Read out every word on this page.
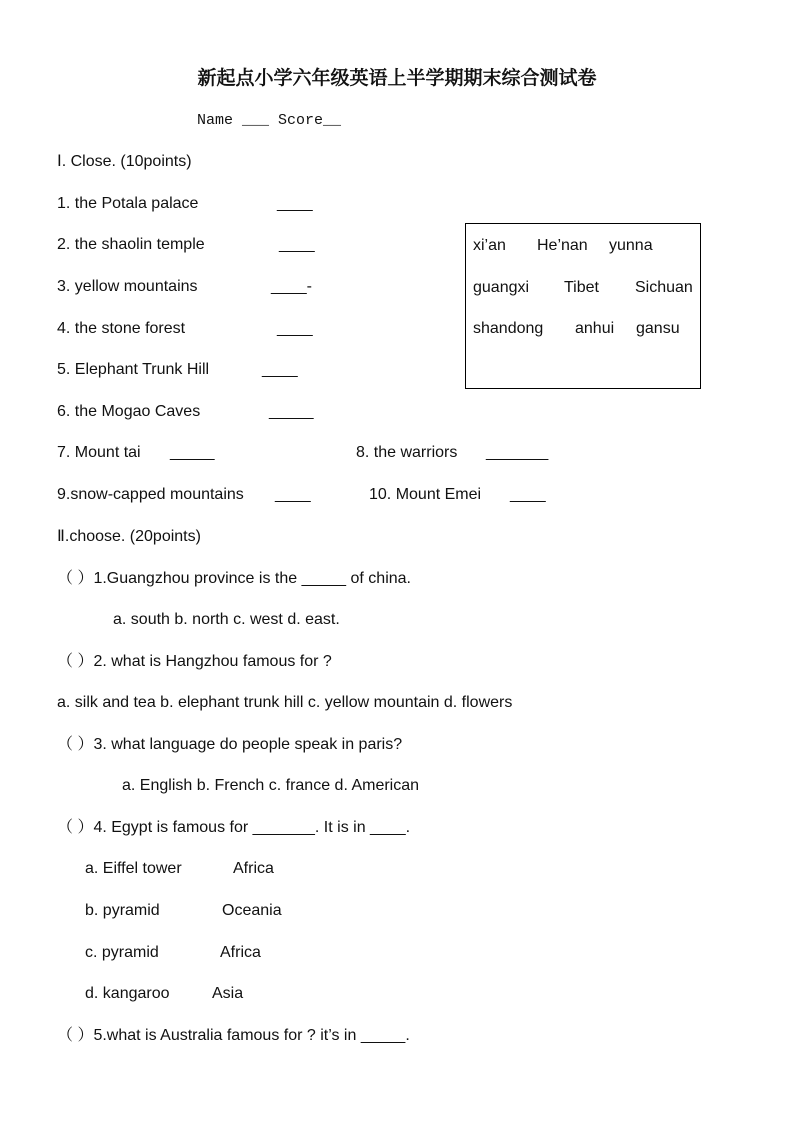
新起点小学六年级英语上半学期期末综合测试卷
Name ___ Score__
Ⅰ. Close. (10points)
1. the Potala palace	____
2. the shaolin temple	____
3. yellow mountains	____-
4. the stone forest	____
5. Elephant Trunk Hill	____
6. the Mogao Caves	_____
7. Mount tai _____	8. the warriors _______
9.snow-capped mountains ____	10. Mount Emei ____
xi’an He’nan yunna
guangxi Tibet Sichuan
shandong anhui gansu
Ⅱ.choose. (20points)
（ ）1.Guangzhou province is the _____ of china.
a. south b. north c. west d. east.
（ ）2. what is Hangzhou famous for ?
a. silk and tea b. elephant trunk hill c. yellow mountain d. flowers
（ ）3. what language do people speak in paris?
a. English b. French c. france d. American
（ ）4. Egypt is famous for _______. It is in ____.
a. Eiffel tower	Africa
b. pyramid	Oceania
c. pyramid	Africa
d. kangaroo	Asia
（ ）5.what is Australia famous for ? it’s in _____.
